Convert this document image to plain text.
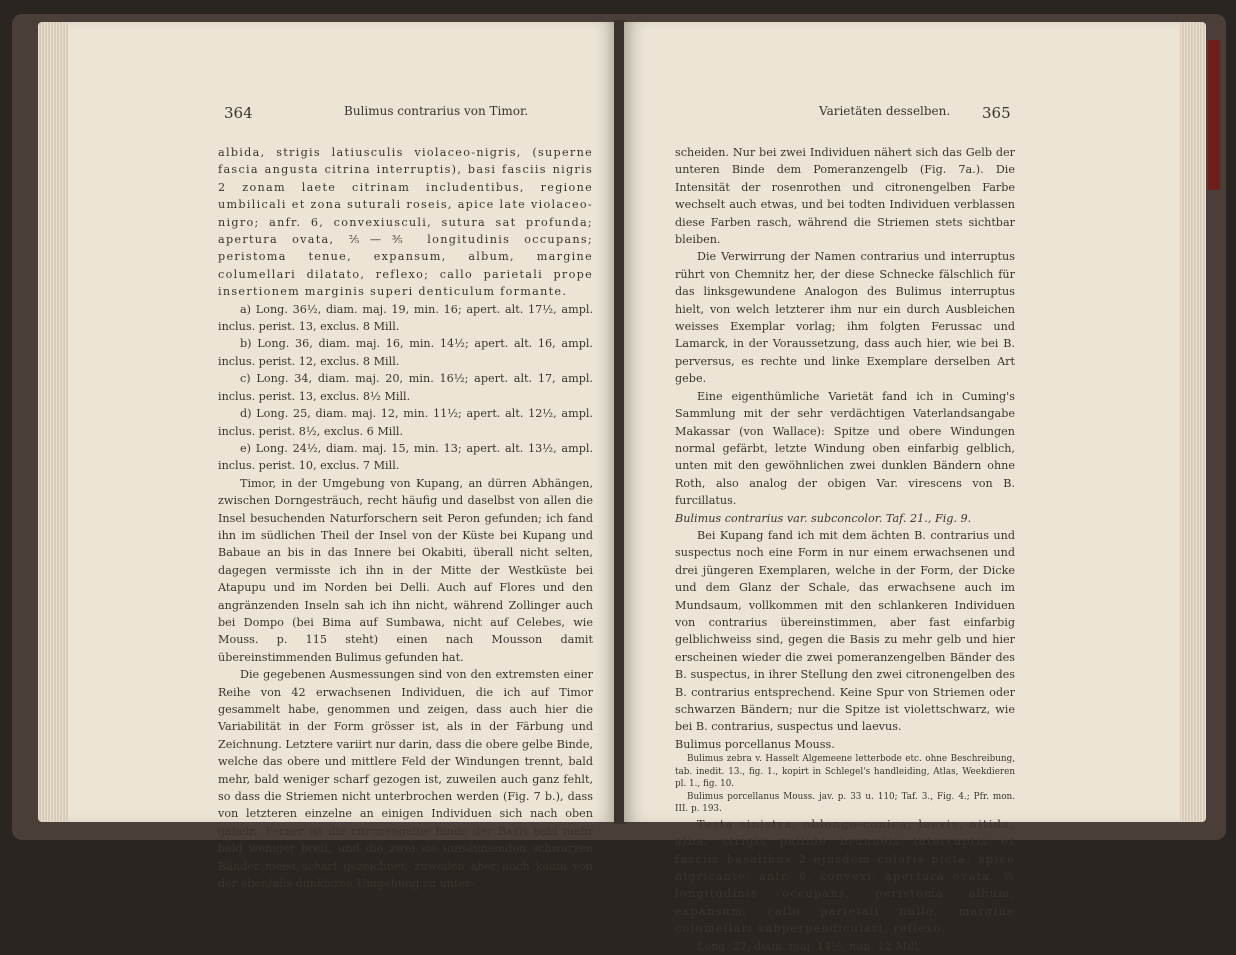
364	Bulimus contrarius von Timor.

albida, strigis latiusculis violaceo-nigris, (superne fascia angusta citrina interruptis), basi fasciis nigris 2 zonam laete citrinam includentibus, regione umbilicali et zona suturali roseis, apice late violaceo-nigro; anfr. 6, convexiusculi, sutura sat profunda; apertura ovata, ⅖—⅗ longitudinis occupans; peristoma tenue, expansum, album, margine columellari dilatato, reflexo; callo parietali prope insertionem marginis superi denticulum formante.

a) Long. 36½, diam. maj. 19, min. 16; apert. alt. 17½, ampl. inclus. perist. 13, exclus. 8 Mill.

b) Long. 36, diam. maj. 16, min. 14½; apert. alt. 16, ampl. inclus. perist. 12, exclus. 8 Mill.

c) Long. 34, diam. maj. 20, min. 16½; apert. alt. 17, ampl. inclus. perist. 13, exclus. 8½ Mill.

d) Long. 25, diam. maj. 12, min. 11½; apert. alt. 12½, ampl. inclus. perist. 8½, exclus. 6 Mill.

e) Long. 24½, diam. maj. 15, min. 13; apert. alt. 13½, ampl. inclus. perist. 10, exclus. 7 Mill.

Timor, in der Umgebung von Kupang, an dürren Abhängen, zwischen Dorngesträuch, recht häufig und daselbst von allen die Insel besuchenden Naturforschern seit Peron gefunden; ich fand ihn im südlichen Theil der Insel von der Küste bei Kupang und Babaue an bis in das Innere bei Okabiti, überall nicht selten, dagegen vermisste ich ihn in der Mitte der Westküste bei Atapupu und im Norden bei Delli. Auch auf Flores und den angränzenden Inseln sah ich ihn nicht, während Zollinger auch bei Dompo (bei Bima auf Sumbawa, nicht auf Celebes, wie Mouss. p. 115 steht) einen nach Mousson damit übereinstimmenden Bulimus gefunden hat.

Die gegebenen Ausmessungen sind von den extremsten einer Reihe von 42 erwachsenen Individuen, die ich auf Timor gesammelt habe, genommen und zeigen, dass auch hier die Variabilität in der Form grösser ist, als in der Färbung und Zeichnung. Letztere variirt nur darin, dass die obere gelbe Binde, welche das obere und mittlere Feld der Windungen trennt, bald mehr, bald weniger scharf gezogen ist, zuweilen auch ganz fehlt, so dass die Striemen nicht unterbrochen werden (Fig. 7 b.), dass von letzteren einzelne an einigen Individuen sich nach oben gabeln. Ferner ist die citronengelbe Binde der Basis bald mehr bald weniger breit, und die zwei sie umsäumenden schwarzen Bänder meist scharf gezeichnet, zuweilen aber auch kaum von der ebenfalls dunkleren Umgebung zu unter-

Varietäten desselben. 365

scheiden. Nur bei zwei Individuen nähert sich das Gelb der unteren Binde dem Pomeranzengelb (Fig. 7a.). Die Intensität der rosenrothen und citronengelben Farbe wechselt auch etwas, und bei todten Individuen verblassen diese Farben rasch, während die Striemen stets sichtbar bleiben.

Die Verwirrung der Namen contrarius und interruptus rührt von Chemnitz her, der diese Schnecke fälschlich für das linksgewundene Analogon des Bulimus interruptus hielt, von welch letzterer ihm nur ein durch Ausbleichen weisses Exemplar vorlag; ihm folgten Ferussac und Lamarck, in der Voraussetzung, dass auch hier, wie bei B. perversus, es rechte und linke Exemplare derselben Art gebe.

Eine eigenthümliche Varietät fand ich in Cuming's Sammlung mit der sehr verdächtigen Vaterlandsangabe Makassar (von Wallace): Spitze und obere Windungen normal gefärbt, letzte Windung oben einfarbig gelblich, unten mit den gewöhnlichen zwei dunklen Bändern ohne Roth, also analog der obigen Var. virescens von B. furcillatus.

Bulimus contrarius var. subconcolor. Taf. 21., Fig. 9.

Bei Kupang fand ich mit dem ächten B. contrarius und suspectus noch eine Form in nur einem erwachsenen und drei jüngeren Exemplaren, welche in der Form, der Dicke und dem Glanz der Schale, das erwachsene auch im Mundsaum, vollkommen mit den schlankeren Individuen von contrarius übereinstimmen, aber fast einfarbig gelblichweiss sind, gegen die Basis zu mehr gelb und hier erscheinen wieder die zwei pomeranzengelben Bänder des B. suspectus, in ihrer Stellung den zwei citronengelben des B. contrarius entsprechend. Keine Spur von Striemen oder schwarzen Bändern; nur die Spitze ist violettschwarz, wie bei B. contrarius, suspectus und laevus.

Bulimus porcellanus Mouss.

Bulimus zebra v. Hasselt Algemeene letterbode etc. ohne Beschreibung, tab. inedit. 13., fig. 1., kopirt in Schlegel's handleiding, Atlas, Weekdieren pl. 1., fig. 10.

Bulimus porcellanus Mouss. jav. p. 33 u. 110; Taf. 3., Fig. 4.; Pfr. mon. III. p. 193.

Testa sinistra, oblongo-conica, laevis, nitida, alba, strigis pallide brunneis interruptis et fasciis basalibus 2 ejusdem coloris picta; apice nigricante; anfr. 6, convexi; apertura ovata, ⅓ longitudinis occupans, peristoma album, expansum, callo parietali nullo, margine columellari subperpendiculari, reflexo.

Long. 27, diam. maj. 14½, min. 12 Mill.
